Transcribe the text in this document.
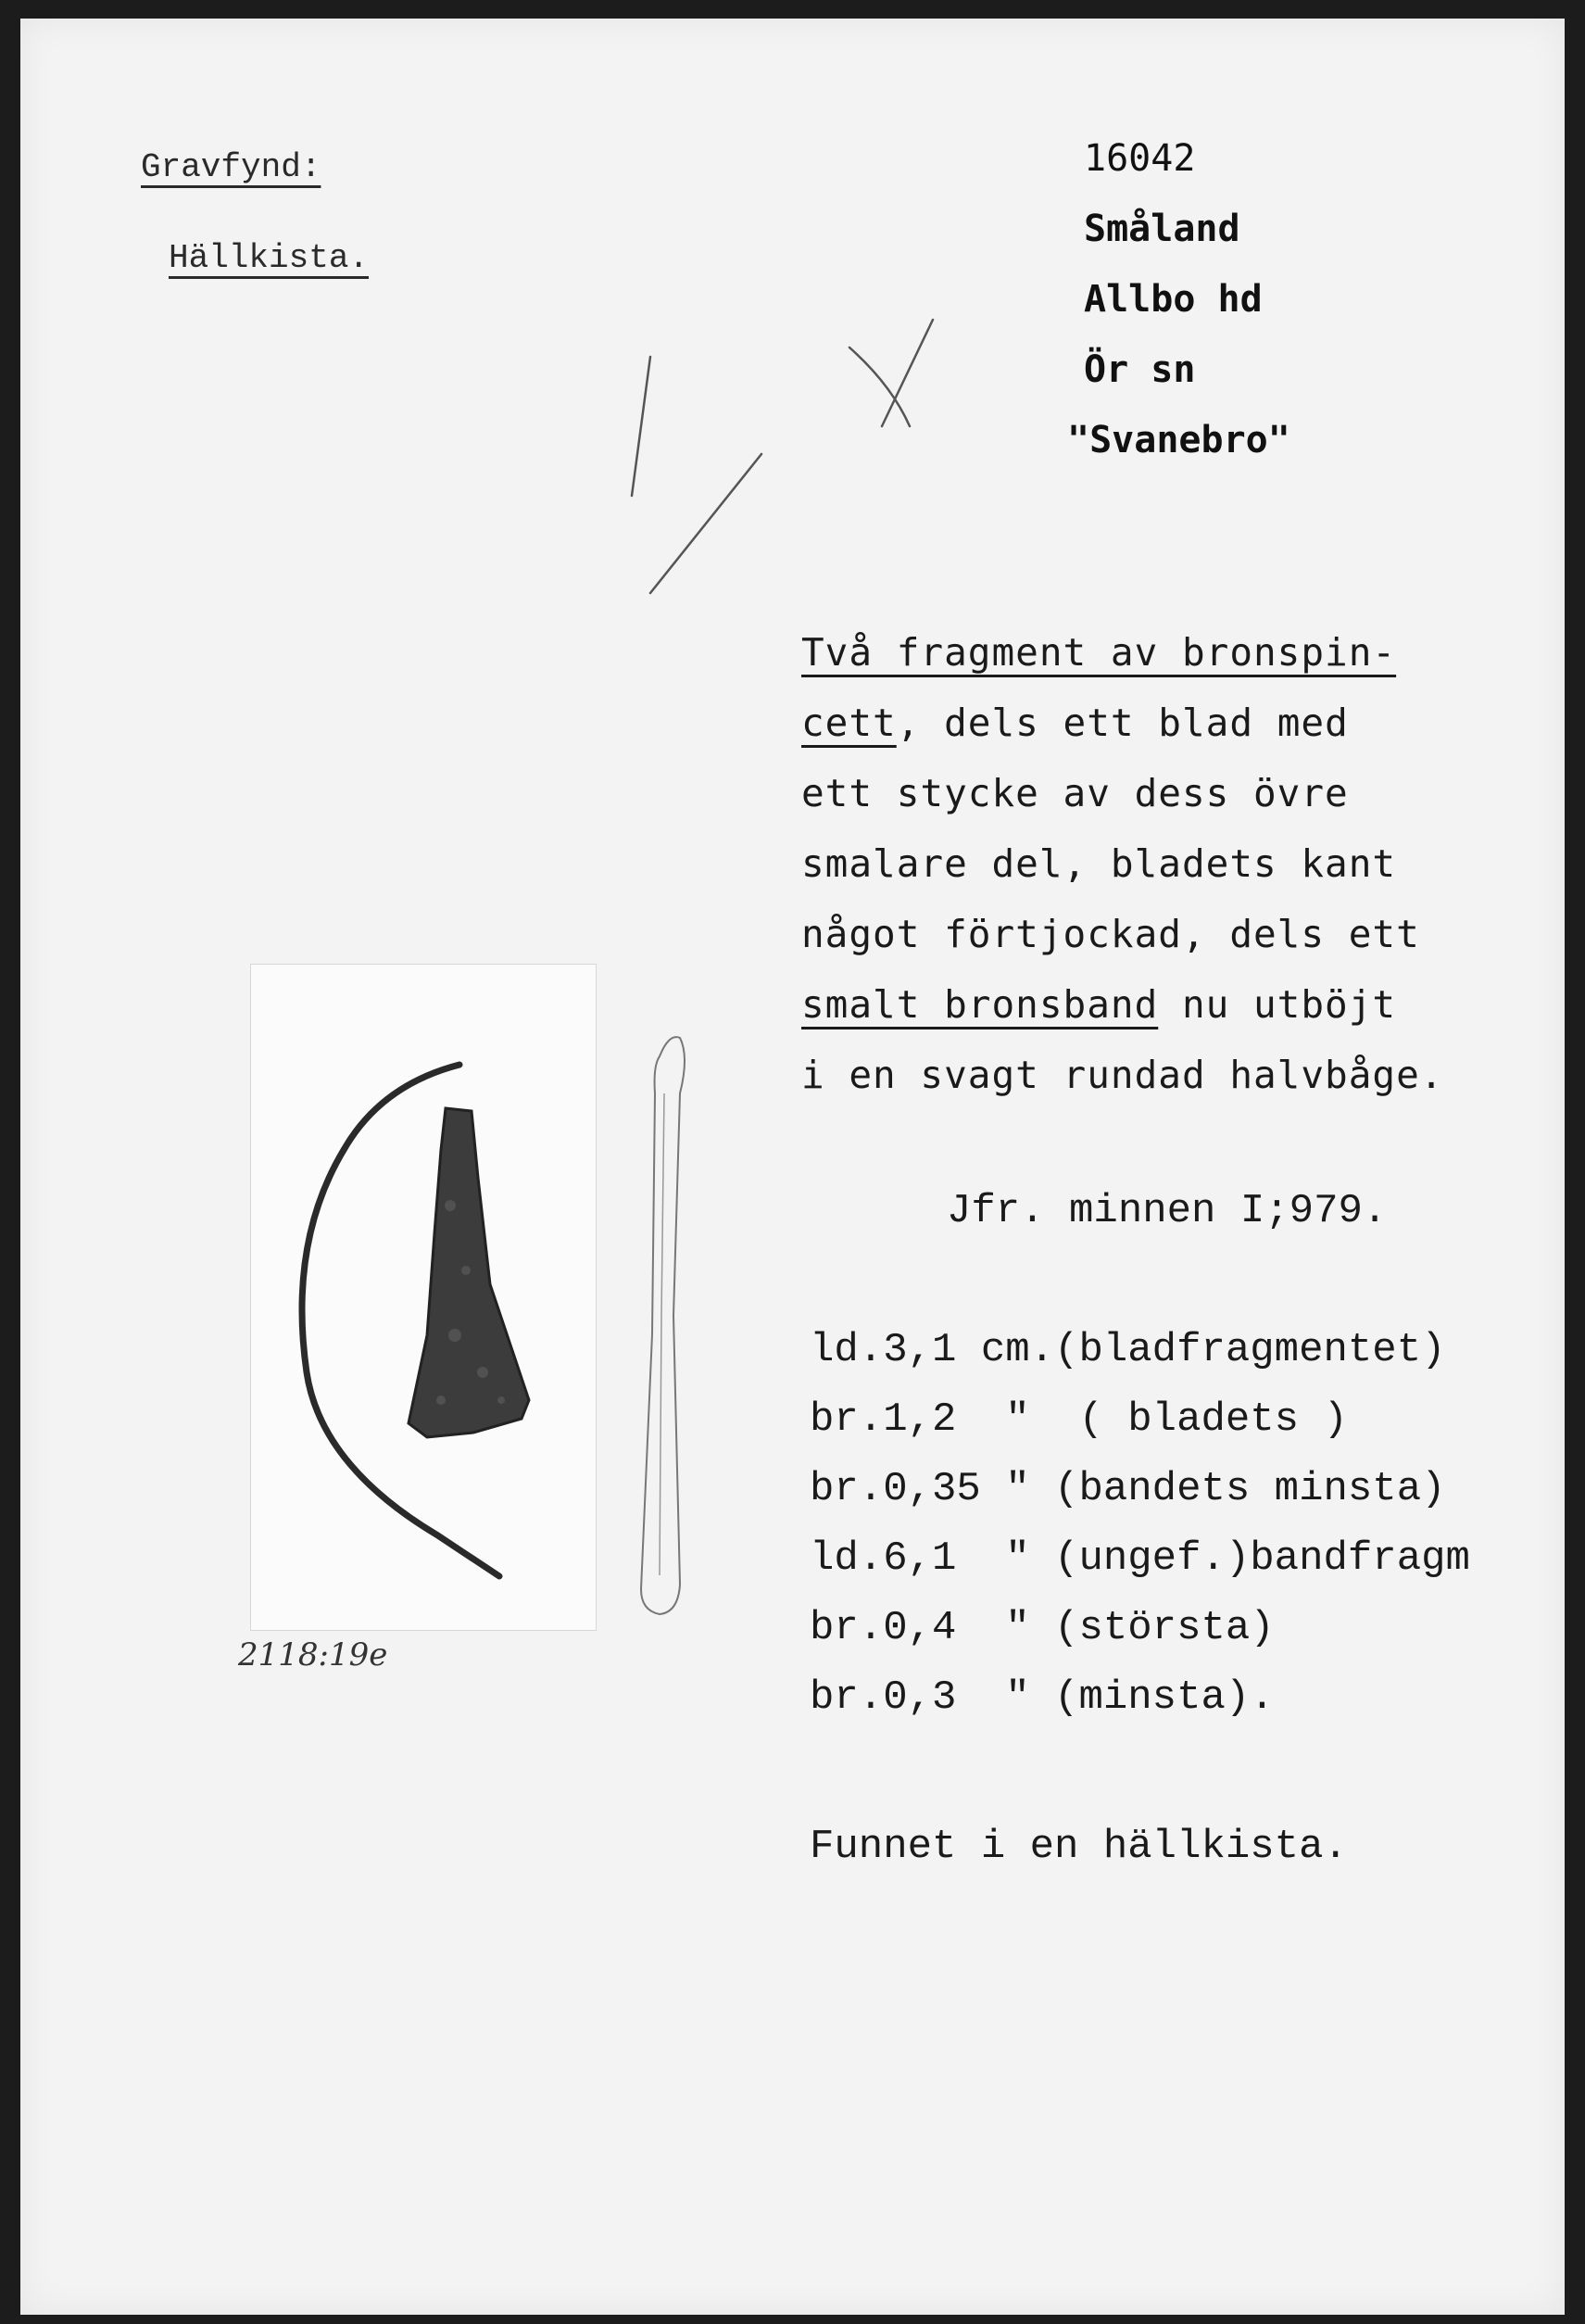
Gravfynd:
Hällkista.
16042
Småland
Allbo hd
Ör sn
"Svanebro"
Två fragment av bronspin-
cett, dels ett blad med
ett stycke av dess övre
smalare del, bladets kant
något förtjockad, dels ett
smalt bronsband nu utböjt
i en svagt rundad halvbåge.
Jfr. minnen I;979.
ld.3,1 cm.(bladfragmentet)
br.1,2  "  ( bladets )
br.0,35 " (bandets minsta)
ld.6,1  " (ungef.)bandfragm
br.0,4  " (största)
br.0,3  " (minsta).
Funnet i en hällkista.
2118:19e
